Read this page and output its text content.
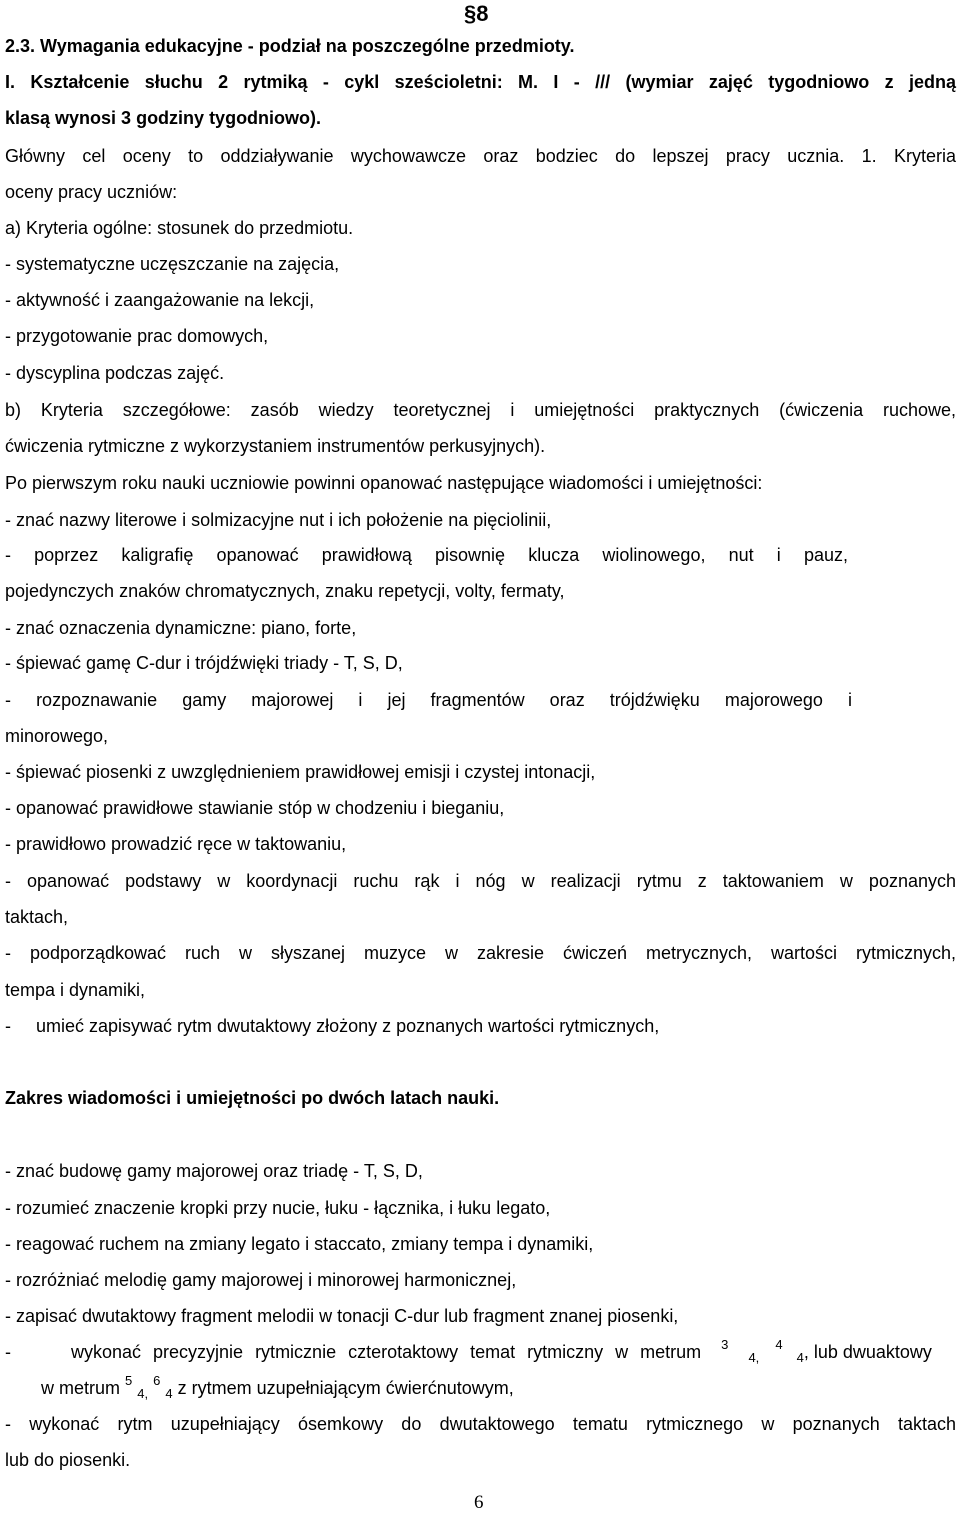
§8

2.3. Wymagania edukacyjne - podział na poszczególne przedmioty.

I. Kształcenie słuchu 2 rytmiką - cykl sześcioletni: M. I - /// (wymiar zajęć tygodniowo z jedną

klasą wynosi 3 godziny tygodniowo).

Główny cel oceny to oddziaływanie wychowawcze oraz bodziec do lepszej pracy ucznia. 1. Kryteria

oceny pracy uczniów:

a) Kryteria ogólne: stosunek do przedmiotu.

- systematyczne uczęszczanie na zajęcia,

- aktywność i zaangażowanie na lekcji,

- przygotowanie prac domowych,

- dyscyplina podczas zajęć.

b) Kryteria szczegółowe: zasób wiedzy teoretycznej i umiejętności praktycznych (ćwiczenia ruchowe,

ćwiczenia rytmiczne z wykorzystaniem instrumentów perkusyjnych).

Po pierwszym roku nauki uczniowie powinni opanować następujące wiadomości i umiejętności:

- znać nazwy literowe i solmizacyjne nut i ich położenie na pięciolinii,

- poprzez kaligrafię opanować prawidłową pisownię klucza wiolinowego, nut i pauz,

pojedynczych znaków chromatycznych, znaku repetycji, volty, fermaty,

- znać oznaczenia dynamiczne: piano, forte,

- śpiewać gamę C-dur i trójdźwięki triady - T, S, D,

- rozpoznawanie gamy majorowej i jej fragmentów oraz trójdźwięku majorowego i

minorowego,

- śpiewać piosenki z uwzględnieniem prawidłowej emisji i czystej intonacji,

- opanować prawidłowe stawianie stóp w chodzeniu i bieganiu,

- prawidłowo prowadzić ręce w taktowaniu,

- opanować podstawy w koordynacji ruchu rąk i nóg w realizacji rytmu z taktowaniem w poznanych

taktach,

- podporządkować ruch w słyszanej muzyce w zakresie ćwiczeń metrycznych, wartości rytmicznych,

tempa i dynamiki,

-     umieć zapisywać rytm dwutaktowy złożony z poznanych wartości rytmicznych,

Zakres wiadomości i umiejętności po dwóch latach nauki.

- znać budowę gamy majorowej oraz triadę - T, S, D,

- rozumieć znaczenie kropki przy nucie, łuku - łącznika, i łuku legato,

- reagować ruchem na zmiany legato i staccato, zmiany tempa i dynamiki,

- rozróżniać melodię gamy majorowej i minorowej harmonicznej,

- zapisać dwutaktowy fragment melodii w tonacji C-dur lub fragment znanej piosenki,

- wykonać rytm uzupełniający ósemkowy do dwutaktowego tematu rytmicznego w poznanych taktach

lub do piosenki.

-     wykonać precyzyjnie rytmicznie czterotaktowy temat rytmiczny w metrum $^3$  $_{4,}$  $^4$  $_4$, lub dwuaktowy
w metrum $^5$ $_{4,}$ $^6$ $_4$ z rytmem uzupełniającym ćwierćnutowym,
6
